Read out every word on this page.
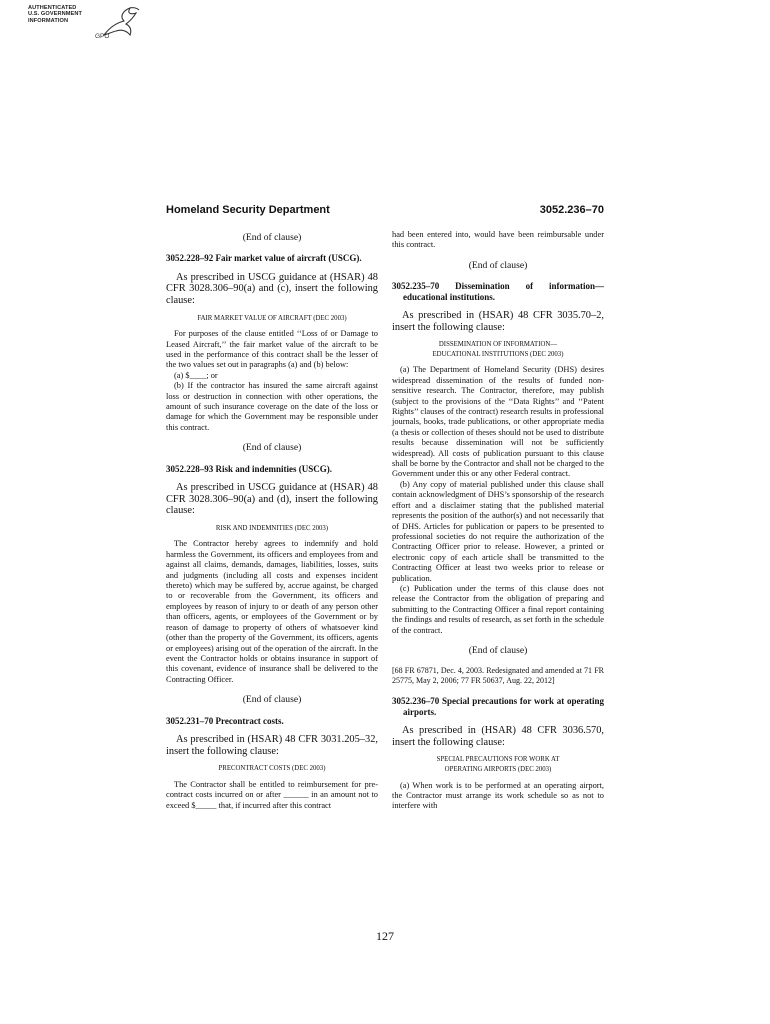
AUTHENTICATED
U.S. GOVERNMENT
INFORMATION
GPO
Homeland Security Department	3052.236–70
(End of clause)
3052.228–92 Fair market value of aircraft (USCG).

As prescribed in USCG guidance at (HSAR) 48 CFR 3028.306–90(a) and (c), insert the following clause:

FAIR MARKET VALUE OF AIRCRAFT (DEC 2003)

For purposes of the clause entitled ‘‘Loss of or Damage to Leased Aircraft,’’ the fair market value of the aircraft to be used in the performance of this contract shall be the lesser of the two values set out in paragraphs (a) and (b) below:

(a) $____; or

(b) If the contractor has insured the same aircraft against loss or destruction in connection with other operations, the amount of such insurance coverage on the date of the loss or damage for which the Government may be responsible under this contract.

(End of clause)
3052.228–93 Risk and indemnities (USCG).

As prescribed in USCG guidance at (HSAR) 48 CFR 3028.306–90(a) and (d), insert the following clause:

RISK AND INDEMNITIES (DEC 2003)

The Contractor hereby agrees to indemnify and hold harmless the Government, its officers and employees from and against all claims, demands, damages, liabilities, losses, suits and judgments (including all costs and expenses incident thereto) which may be suffered by, accrue against, be charged to or recoverable from the Government, its officers and employees by reason of injury to or death of any person other than officers, agents, or employees of the Government or by reason of damage to property of others of whatsoever kind (other than the property of the Government, its officers, agents or employees) arising out of the operation of the aircraft. In the event the Contractor holds or obtains insurance in support of this covenant, evidence of insurance shall be delivered to the Contracting Officer.

(End of clause)
3052.231–70 Precontract costs.

As prescribed in (HSAR) 48 CFR 3031.205–32, insert the following clause:

PRECONTRACT COSTS (DEC 2003)

The Contractor shall be entitled to reimbursement for pre-contract costs incurred on or after ______ in an amount not to exceed $_____ that, if incurred after this contract

had been entered into, would have been reimbursable under this contract.

(End of clause)
3052.235–70 Dissemination of information—educational institutions.

As prescribed in (HSAR) 48 CFR 3035.70–2, insert the following clause:

DISSEMINATION OF INFORMATION—
EDUCATIONAL INSTITUTIONS (DEC 2003)

(a) The Department of Homeland Security (DHS) desires widespread dissemination of the results of funded non-sensitive research. The Contractor, therefore, may publish (subject to the provisions of the ‘‘Data Rights’’ and ‘‘Patent Rights’’ clauses of the contract) research results in professional journals, books, trade publications, or other appropriate media (a thesis or collection of theses should not be used to distribute results because dissemination will not be sufficiently widespread). All costs of publication pursuant to this clause shall be borne by the Contractor and shall not be charged to the Government under this or any other Federal contract.

(b) Any copy of material published under this clause shall contain acknowledgment of DHS’s sponsorship of the research effort and a disclaimer stating that the published material represents the position of the author(s) and not necessarily that of DHS. Articles for publication or papers to be presented to professional societies do not require the authorization of the Contracting Officer prior to release. However, a printed or electronic copy of each article shall be transmitted to the Contracting Officer at least two weeks prior to release or publication.

(c) Publication under the terms of this clause does not release the Contractor from the obligation of preparing and submitting to the Contracting Officer a final report containing the findings and results of research, as set forth in the schedule of the contract.

(End of clause)

[68 FR 67871, Dec. 4, 2003. Redesignated and amended at 71 FR 25775, May 2, 2006; 77 FR 50637, Aug. 22, 2012]

3052.236–70 Special precautions for work at operating airports.

As prescribed in (HSAR) 48 CFR 3036.570, insert the following clause:

SPECIAL PRECAUTIONS FOR WORK AT
OPERATING AIRPORTS (DEC 2003)

(a) When work is to be performed at an operating airport, the Contractor must arrange its work schedule so as not to interfere with

127
